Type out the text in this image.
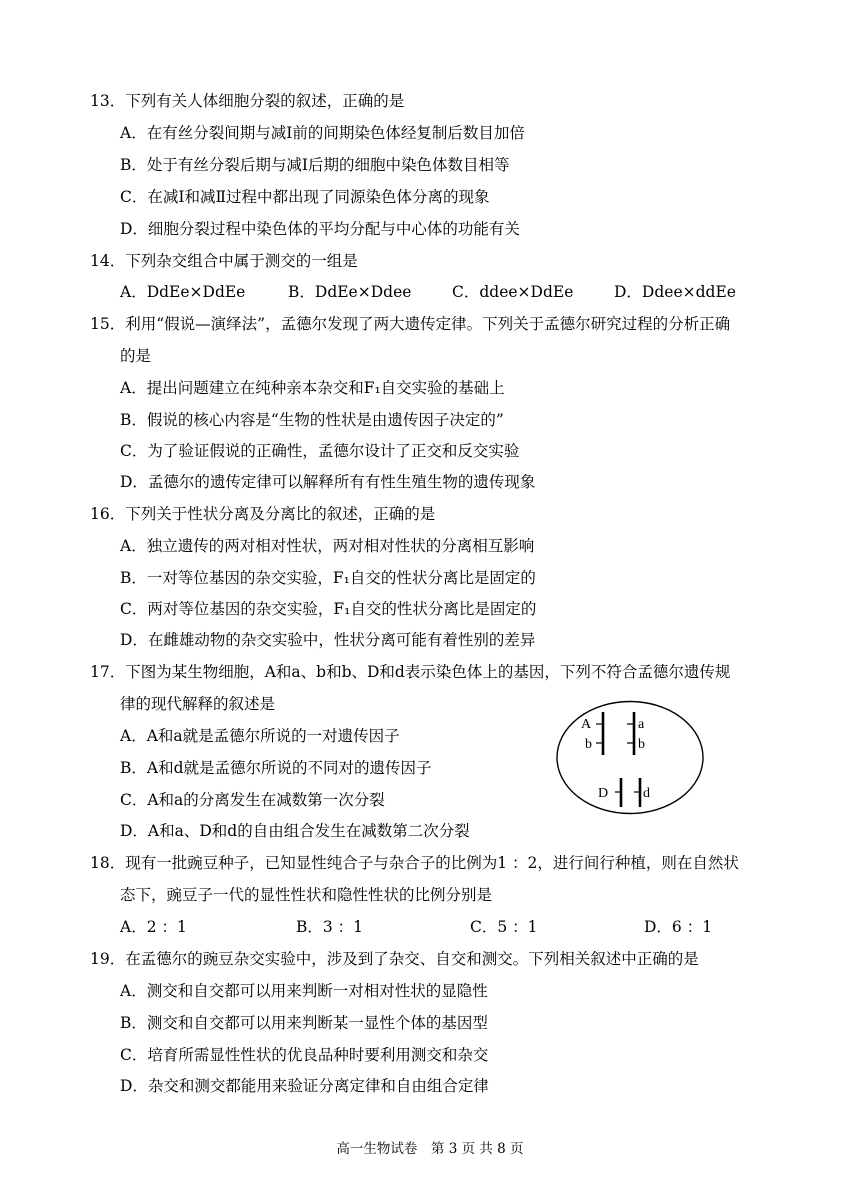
13．下列有关人体细胞分裂的叙述，正确的是
A．在有丝分裂间期与减Ⅰ前的间期染色体经复制后数目加倍
B．处于有丝分裂后期与减Ⅰ后期的细胞中染色体数目相等
C．在减Ⅰ和减Ⅱ过程中都出现了同源染色体分离的现象
D．细胞分裂过程中染色体的平均分配与中心体的功能有关
14．下列杂交组合中属于测交的一组是
A．DdEe×DdEe	B．DdEe×Ddee	C．ddee×DdEe	D．Ddee×ddEe
15．利用“假说—演绎法”，孟德尔发现了两大遗传定律。下列关于孟德尔研究过程的分析正确
的是
A．提出问题建立在纯种亲本杂交和F₁自交实验的基础上
B．假说的核心内容是“生物的性状是由遗传因子决定的”
C．为了验证假说的正确性，孟德尔设计了正交和反交实验
D．孟德尔的遗传定律可以解释所有有性生殖生物的遗传现象
16．下列关于性状分离及分离比的叙述，正确的是
A．独立遗传的两对相对性状，两对相对性状的分离相互影响
B．一对等位基因的杂交实验，F₁自交的性状分离比是固定的
C．两对等位基因的杂交实验，F₁自交的性状分离比是固定的
D．在雌雄动物的杂交实验中，性状分离可能有着性别的差异
17．下图为某生物细胞，A和a、b和b、D和d表示染色体上的基因，下列不符合孟德尔遗传规
律的现代解释的叙述是
A．A和a就是孟德尔所说的一对遗传因子
B．A和d就是孟德尔所说的不同对的遗传因子
C．A和a的分离发生在减数第一次分裂
D．A和a、D和d的自由组合发生在减数第二次分裂
A
b
a
b
D d
18．现有一批豌豆种子，已知显性纯合子与杂合子的比例为1 ：2，进行间行种植，则在自然状
态下，豌豆子一代的显性性状和隐性性状的比例分别是
A．2 ：1	B．3 ：1	C．5 ：1	D．6 ：1
19．在孟德尔的豌豆杂交实验中，涉及到了杂交、自交和测交。下列相关叙述中正确的是
A．测交和自交都可以用来判断一对相对性状的显隐性
B．测交和自交都可以用来判断某一显性个体的基因型
C．培育所需显性性状的优良品种时要利用测交和杂交
D．杂交和测交都能用来验证分离定律和自由组合定律
高一生物试卷　第 3 页 共 8 页
